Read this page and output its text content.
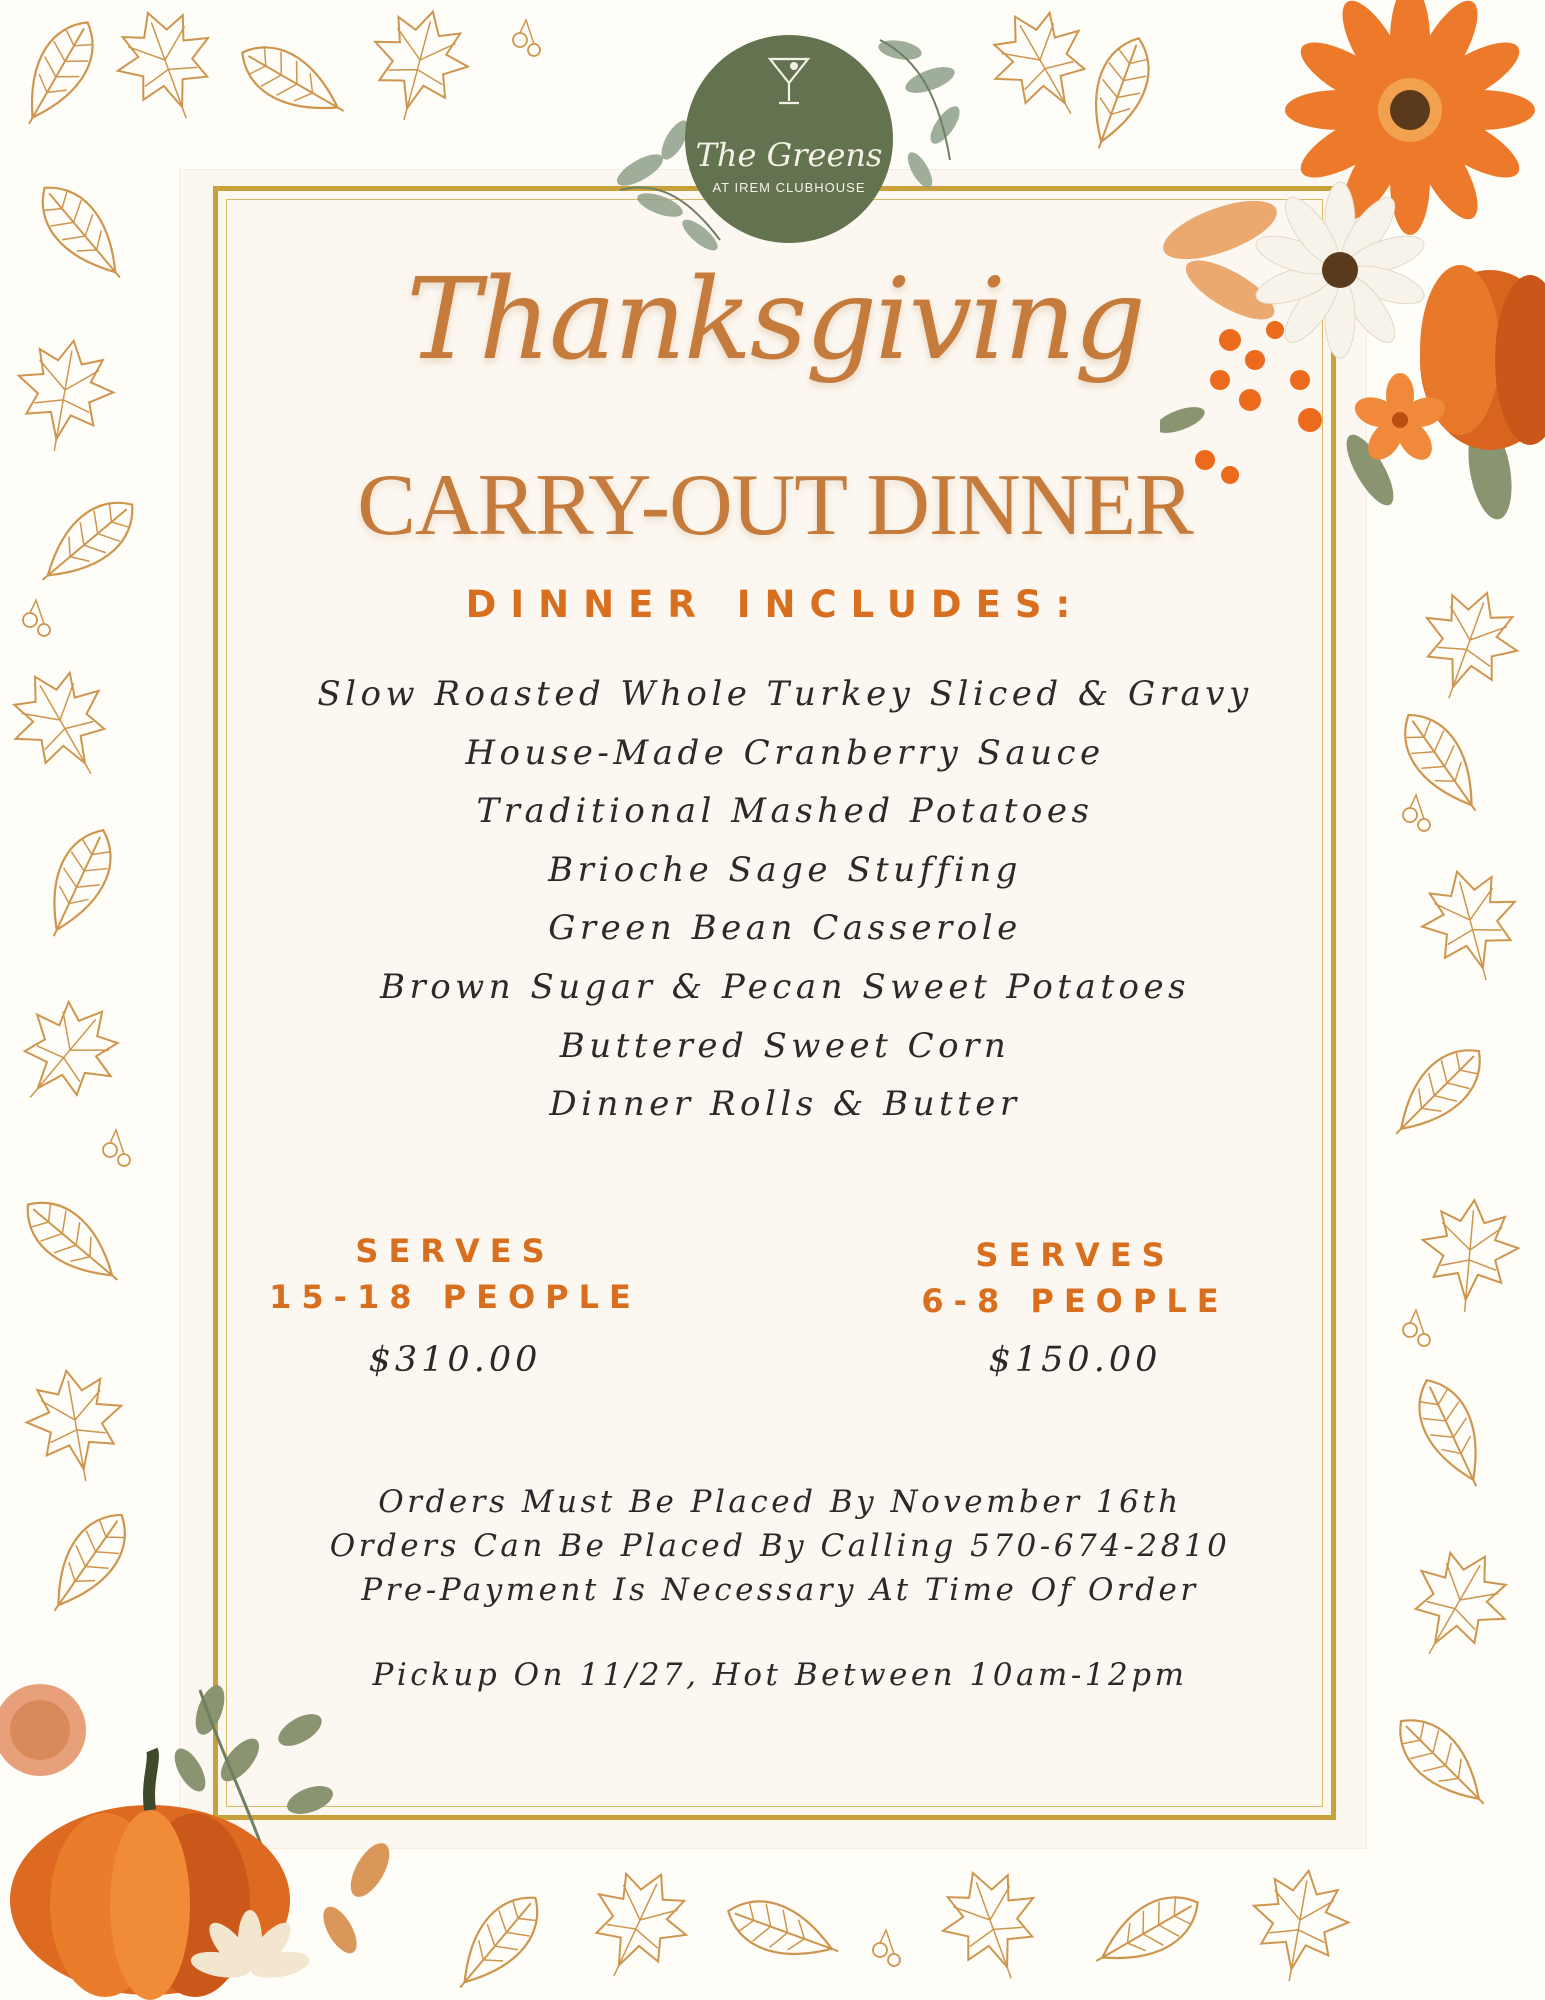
The Greens
AT IREM CLUBHOUSE
Thanksgiving
CARRY-OUT DINNER
DINNER INCLUDES:
Slow Roasted Whole Turkey Sliced & Gravy
House-Made Cranberry Sauce
Traditional Mashed Potatoes
Brioche Sage Stuffing
Green Bean Casserole
Brown Sugar & Pecan Sweet Potatoes
Buttered Sweet Corn
Dinner Rolls & Butter
SERVES
15-18 PEOPLE
$310.00
SERVES
6-8 PEOPLE
$150.00
Orders Must Be Placed By November 16th
Orders Can Be Placed By Calling 570-674-2810
Pre-Payment Is Necessary At Time Of Order
Pickup On 11/27, Hot Between 10am-12pm
